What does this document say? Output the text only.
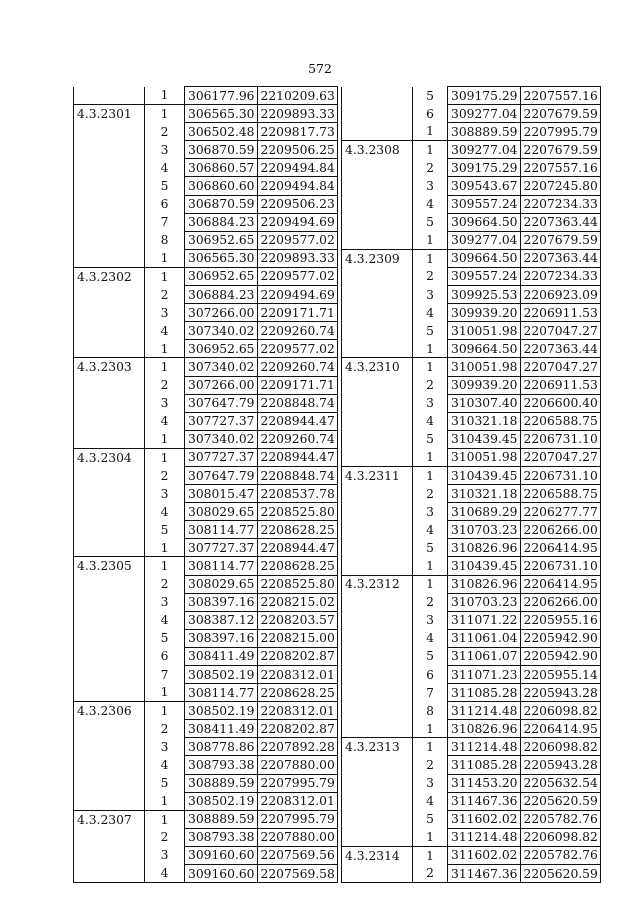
572
	1	306177.96	2210209.63
4.3.2301	1	306565.30	2209893.33
	2	306502.48	2209817.73
	3	306870.59	2209506.25
	4	306860.57	2209494.84
	5	306860.60	2209494.84
	6	306870.59	2209506.23
	7	306884.23	2209494.69
	8	306952.65	2209577.02
	1	306565.30	2209893.33
4.3.2302	1	306952.65	2209577.02
	2	306884.23	2209494.69
	3	307266.00	2209171.71
	4	307340.02	2209260.74
	1	306952.65	2209577.02
4.3.2303	1	307340.02	2209260.74
	2	307266.00	2209171.71
	3	307647.79	2208848.74
	4	307727.37	2208944.47
	1	307340.02	2209260.74
4.3.2304	1	307727.37	2208944.47
	2	307647.79	2208848.74
	3	308015.47	2208537.78
	4	308029.65	2208525.80
	5	308114.77	2208628.25
	1	307727.37	2208944.47
4.3.2305	1	308114.77	2208628.25
	2	308029.65	2208525.80
	3	308397.16	2208215.02
	4	308387.12	2208203.57
	5	308397.16	2208215.00
	6	308411.49	2208202.87
	7	308502.19	2208312.01
	1	308114.77	2208628.25
4.3.2306	1	308502.19	2208312.01
	2	308411.49	2208202.87
	3	308778.86	2207892.28
	4	308793.38	2207880.00
	5	308889.59	2207995.79
	1	308502.19	2208312.01
4.3.2307	1	308889.59	2207995.79
	2	308793.38	2207880.00
	3	309160.60	2207569.56
	4	309160.60	2207569.58
	5	309175.29	2207557.16
	6	309277.04	2207679.59
	1	308889.59	2207995.79
4.3.2308	1	309277.04	2207679.59
	2	309175.29	2207557.16
	3	309543.67	2207245.80
	4	309557.24	2207234.33
	5	309664.50	2207363.44
	1	309277.04	2207679.59
4.3.2309	1	309664.50	2207363.44
	2	309557.24	2207234.33
	3	309925.53	2206923.09
	4	309939.20	2206911.53
	5	310051.98	2207047.27
	1	309664.50	2207363.44
4.3.2310	1	310051.98	2207047.27
	2	309939.20	2206911.53
	3	310307.40	2206600.40
	4	310321.18	2206588.75
	5	310439.45	2206731.10
	1	310051.98	2207047.27
4.3.2311	1	310439.45	2206731.10
	2	310321.18	2206588.75
	3	310689.29	2206277.77
	4	310703.23	2206266.00
	5	310826.96	2206414.95
	1	310439.45	2206731.10
4.3.2312	1	310826.96	2206414.95
	2	310703.23	2206266.00
	3	311071.22	2205955.16
	4	311061.04	2205942.90
	5	311061.07	2205942.90
	6	311071.23	2205955.14
	7	311085.28	2205943.28
	8	311214.48	2206098.82
	1	310826.96	2206414.95
4.3.2313	1	311214.48	2206098.82
	2	311085.28	2205943.28
	3	311453.20	2205632.54
	4	311467.36	2205620.59
	5	311602.02	2205782.76
	1	311214.48	2206098.82
4.3.2314	1	311602.02	2205782.76
	2	311467.36	2205620.59
